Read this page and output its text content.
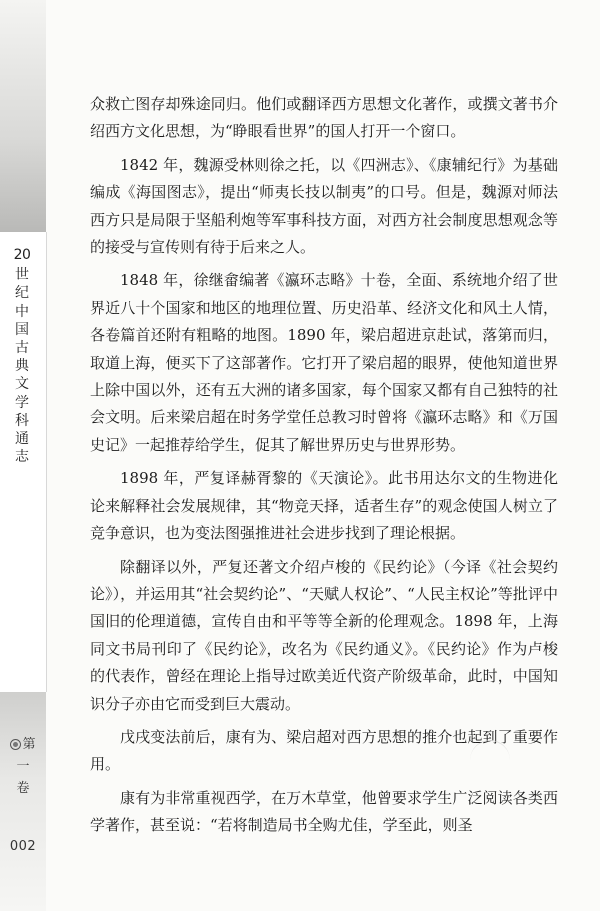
20
世纪中国古典文学科通志
第
一
卷
002

众救亡图存却殊途同归。他们或翻译西方思想文化著作，或撰文著书介绍西方文化思想，为“睁眼看世界”的国人打开一个窗口。

1842 年，魏源受林则徐之托，以《四洲志》、《康辅纪行》为基础编成《海国图志》，提出“师夷长技以制夷”的口号。但是，魏源对师法西方只是局限于坚船利炮等军事科技方面，对西方社会制度思想观念等的接受与宣传则有待于后来之人。

1848 年，徐继畲编著《瀛环志略》十卷，全面、系统地介绍了世界近八十个国家和地区的地理位置、历史沿革、经济文化和风土人情，各卷篇首还附有粗略的地图。1890 年，梁启超进京赴试，落第而归，取道上海，便买下了这部著作。它打开了梁启超的眼界，使他知道世界上除中国以外，还有五大洲的诸多国家，每个国家又都有自己独特的社会文明。后来梁启超在时务学堂任总教习时曾将《瀛环志略》和《万国史记》一起推荐给学生，促其了解世界历史与世界形势。

1898 年，严复译赫胥黎的《天演论》。此书用达尔文的生物进化论来解释社会发展规律，其“物竞天择，适者生存”的观念使国人树立了竞争意识，也为变法图强推进社会进步找到了理论根据。

除翻译以外，严复还著文介绍卢梭的《民约论》（今译《社会契约论》），并运用其“社会契约论”、“天赋人权论”、“人民主权论”等批评中国旧的伦理道德，宣传自由和平等等全新的伦理观念。1898 年，上海同文书局刊印了《民约论》，改名为《民约通义》。《民约论》作为卢梭的代表作，曾经在理论上指导过欧美近代资产阶级革命，此时，中国知识分子亦由它而受到巨大震动。

戊戌变法前后，康有为、梁启超对西方思想的推介也起到了重要作用。

康有为非常重视西学，在万木草堂，他曾要求学生广泛阅读各类西学著作，甚至说：“若将制造局书全购尤佳，学至此，则圣
